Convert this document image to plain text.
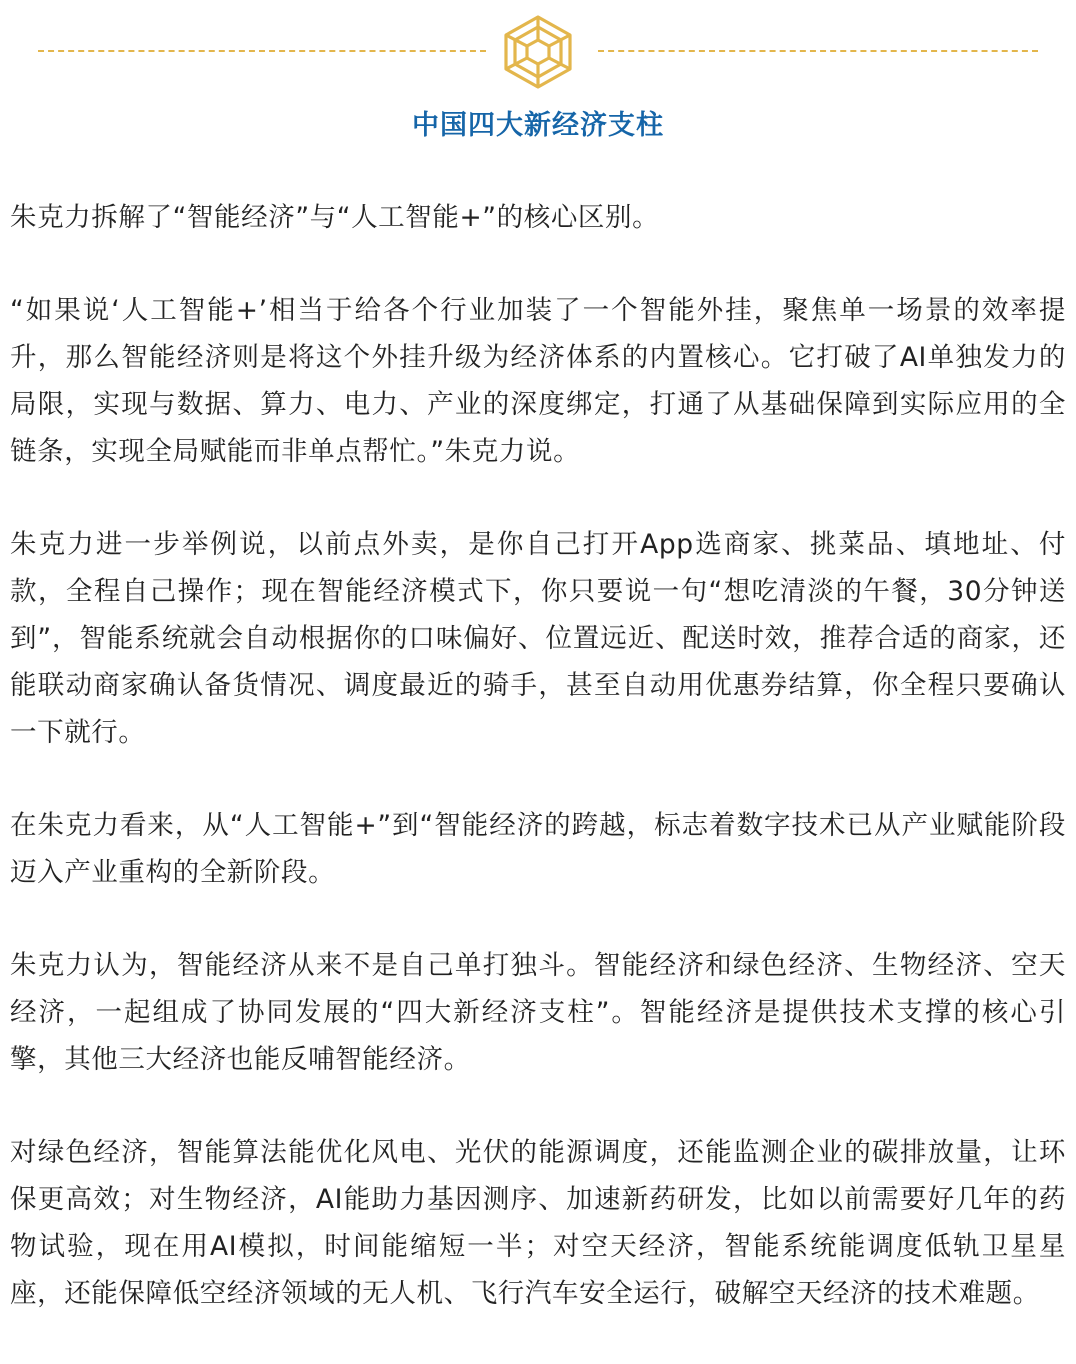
中国四大新经济支柱

朱克力拆解了“智能经济”与“人工智能+”的核心区别。

“如果说‘人工智能+’相当于给各个行业加装了一个智能外挂，聚焦单一场景的效率提升，那么智能经济则是将这个外挂升级为经济体系的内置核心。它打破了AI单独发力的局限，实现与数据、算力、电力、产业的深度绑定，打通了从基础保障到实际应用的全链条，实现全局赋能而非单点帮忙。”朱克力说。

朱克力进一步举例说，以前点外卖，是你自己打开App选商家、挑菜品、填地址、付款，全程自己操作；现在智能经济模式下，你只要说一句“想吃清淡的午餐，30分钟送到”，智能系统就会自动根据你的口味偏好、位置远近、配送时效，推荐合适的商家，还能联动商家确认备货情况、调度最近的骑手，甚至自动用优惠券结算，你全程只要确认一下就行。

在朱克力看来，从“人工智能+”到“智能经济的跨越，标志着数字技术已从产业赋能阶段迈入产业重构的全新阶段。

朱克力认为，智能经济从来不是自己单打独斗。智能经济和绿色经济、生物经济、空天经济，一起组成了协同发展的“四大新经济支柱”。智能经济是提供技术支撑的核心引擎，其他三大经济也能反哺智能经济。

对绿色经济，智能算法能优化风电、光伏的能源调度，还能监测企业的碳排放量，让环保更高效；对生物经济，AI能助力基因测序、加速新药研发，比如以前需要好几年的药物试验，现在用AI模拟，时间能缩短一半；对空天经济，智能系统能调度低轨卫星星座，还能保障低空经济领域的无人机、飞行汽车安全运行，破解空天经济的技术难题。
